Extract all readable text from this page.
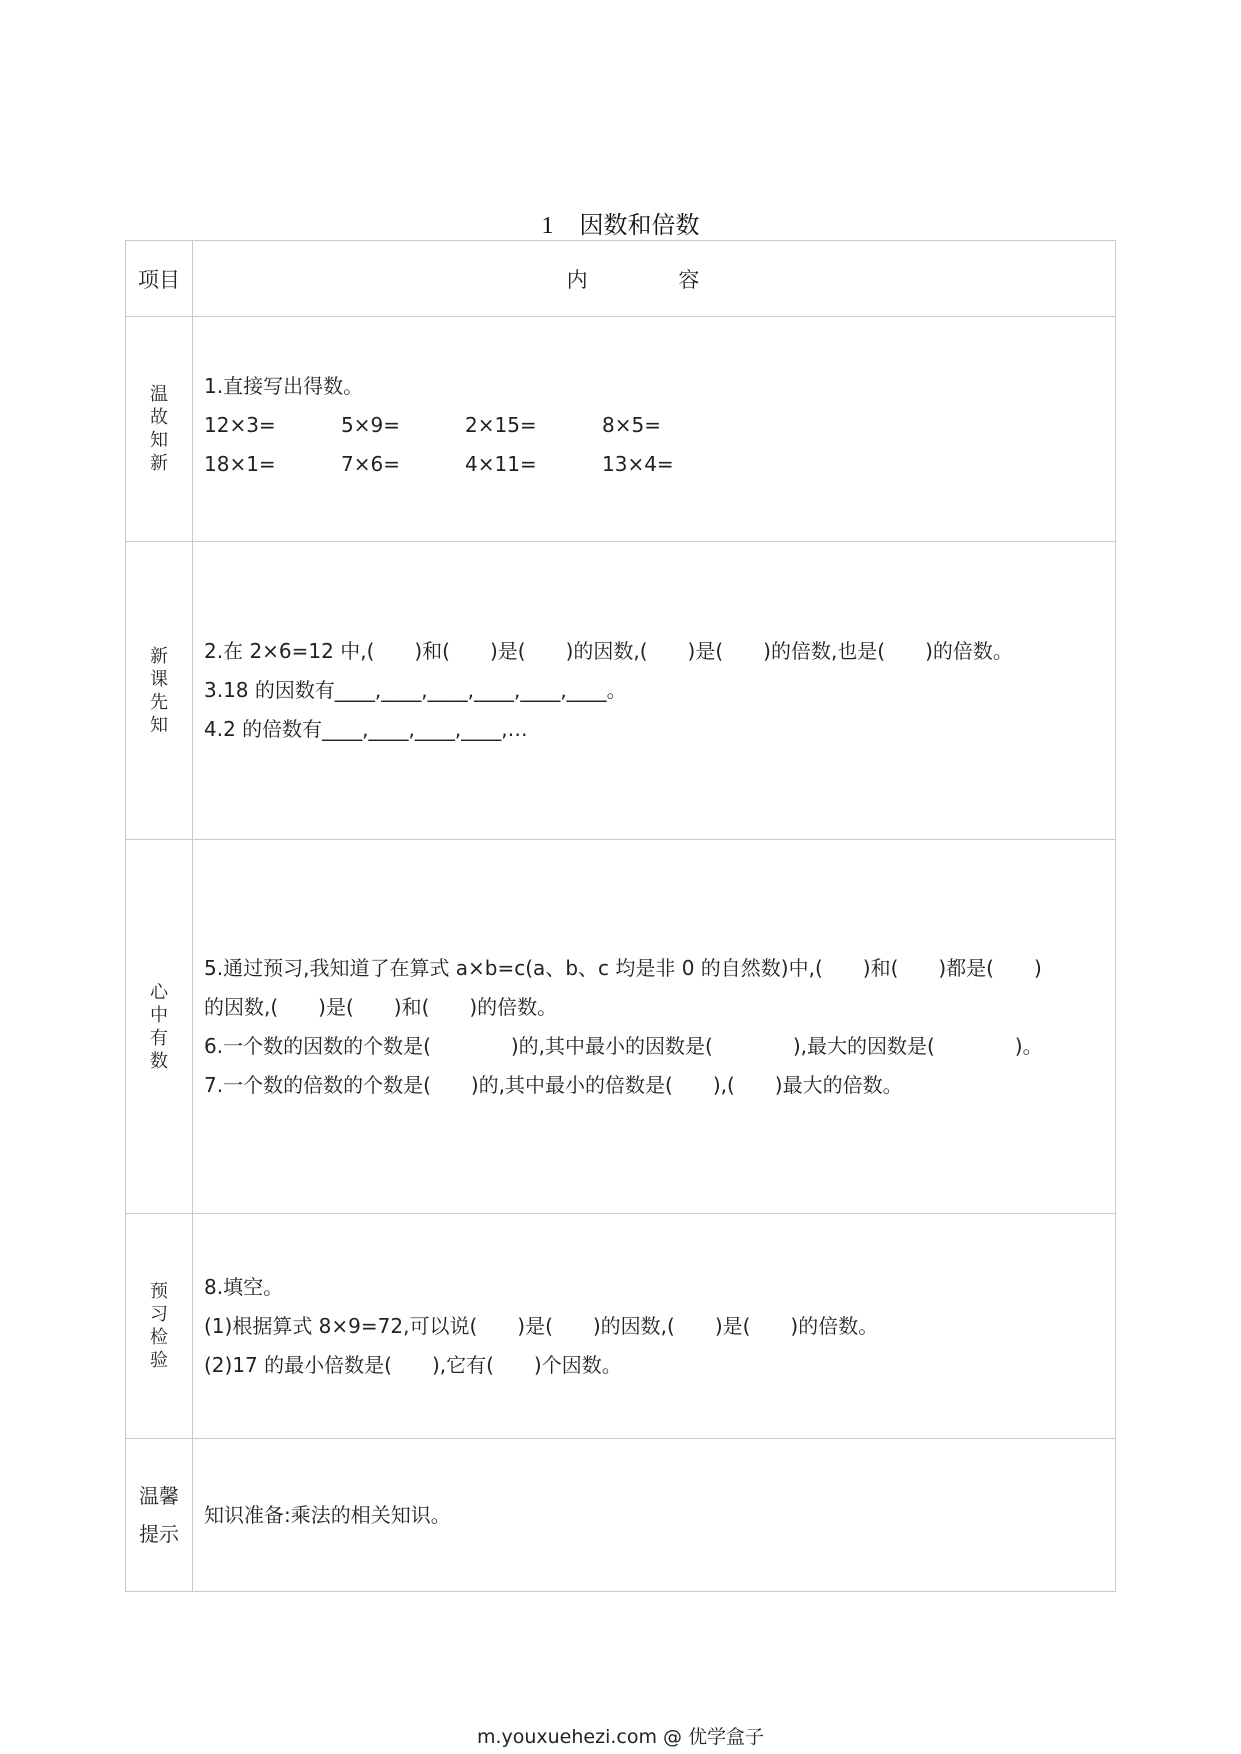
1 因数和倍数
项目	内 容

温故知新	1.直接写出得数。
12×3= 5×9= 2×15= 8×5=
18×1= 7×6= 4×11= 13×4=

新课先知	2.在 2×6=12 中,(　　)和(　　)是(　　)的因数,(　　)是(　　)的倍数,也是(　　)的倍数。
3.18 的因数有____,____,____,____,____,____。
4.2 的倍数有____,____,____,____,…

心中有数	5.通过预习,我知道了在算式 a×b=c(a、b、c 均是非 0 的自然数)中,(　　)和(　　)都是(　　)
的因数,(　　)是(　　)和(　　)的倍数。
6.一个数的因数的个数是(　　　　)的,其中最小的因数是(　　　　),最大的因数是(　　　　)。
7.一个数的倍数的个数是(　　)的,其中最小的倍数是(　　),(　　)最大的倍数。

预习检验	8.填空。
(1)根据算式 8×9=72,可以说(　　)是(　　)的因数,(　　)是(　　)的倍数。
(2)17 的最小倍数是(　　),它有(　　)个因数。

温馨提示	知识准备:乘法的相关知识。
m.youxuehezi.com @ 优学盒子
